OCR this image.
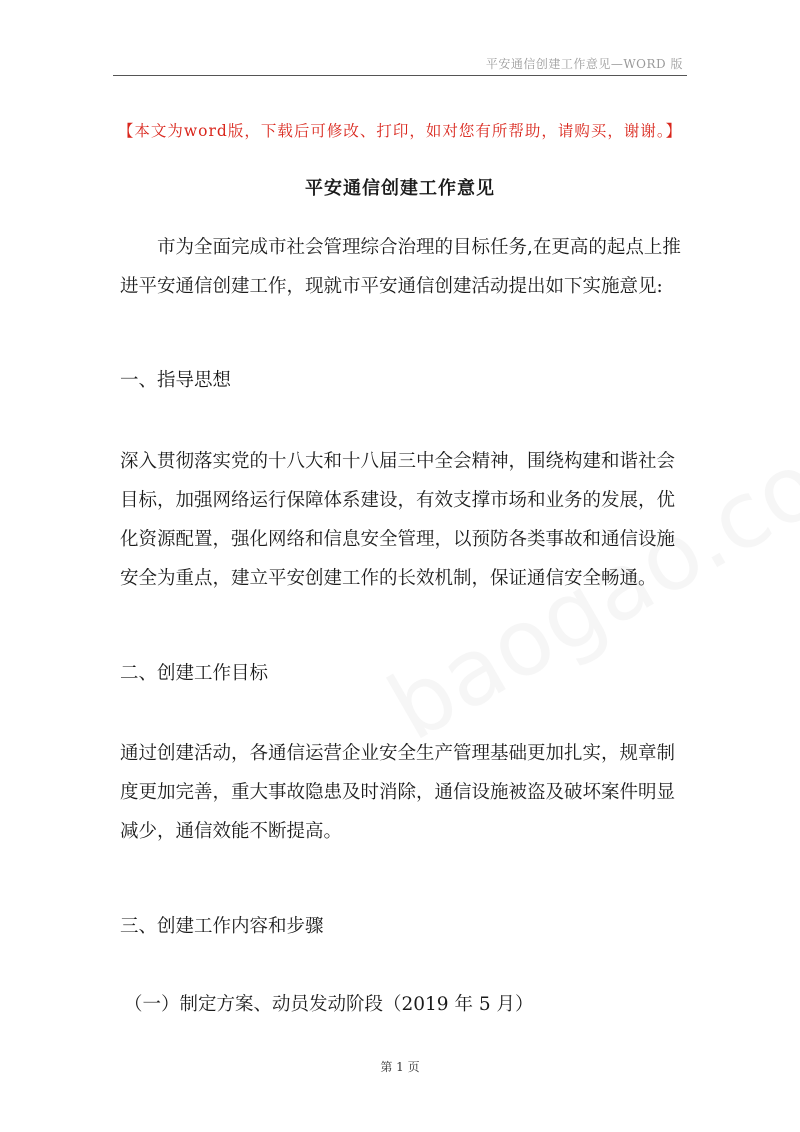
平安通信创建工作意见—WORD 版
【本文为word版，下载后可修改、打印，如对您有所帮助，请购买，谢谢。】
平安通信创建工作意见
市为全面完成市社会管理综合治理的目标任务,在更高的起点上推进平安通信创建工作，现就市平安通信创建活动提出如下实施意见:
一、指导思想
深入贯彻落实党的十八大和十八届三中全会精神，围绕构建和谐社会目标，加强网络运行保障体系建设，有效支撑市场和业务的发展，优化资源配置，强化网络和信息安全管理，以预防各类事故和通信设施安全为重点，建立平安创建工作的长效机制，保证通信安全畅通。
二、创建工作目标
通过创建活动，各通信运营企业安全生产管理基础更加扎实，规章制度更加完善，重大事故隐患及时消除，通信设施被盗及破坏案件明显减少，通信效能不断提高。
三、创建工作内容和步骤
（一）制定方案、动员发动阶段（2019 年 5 月）
第 1 页
